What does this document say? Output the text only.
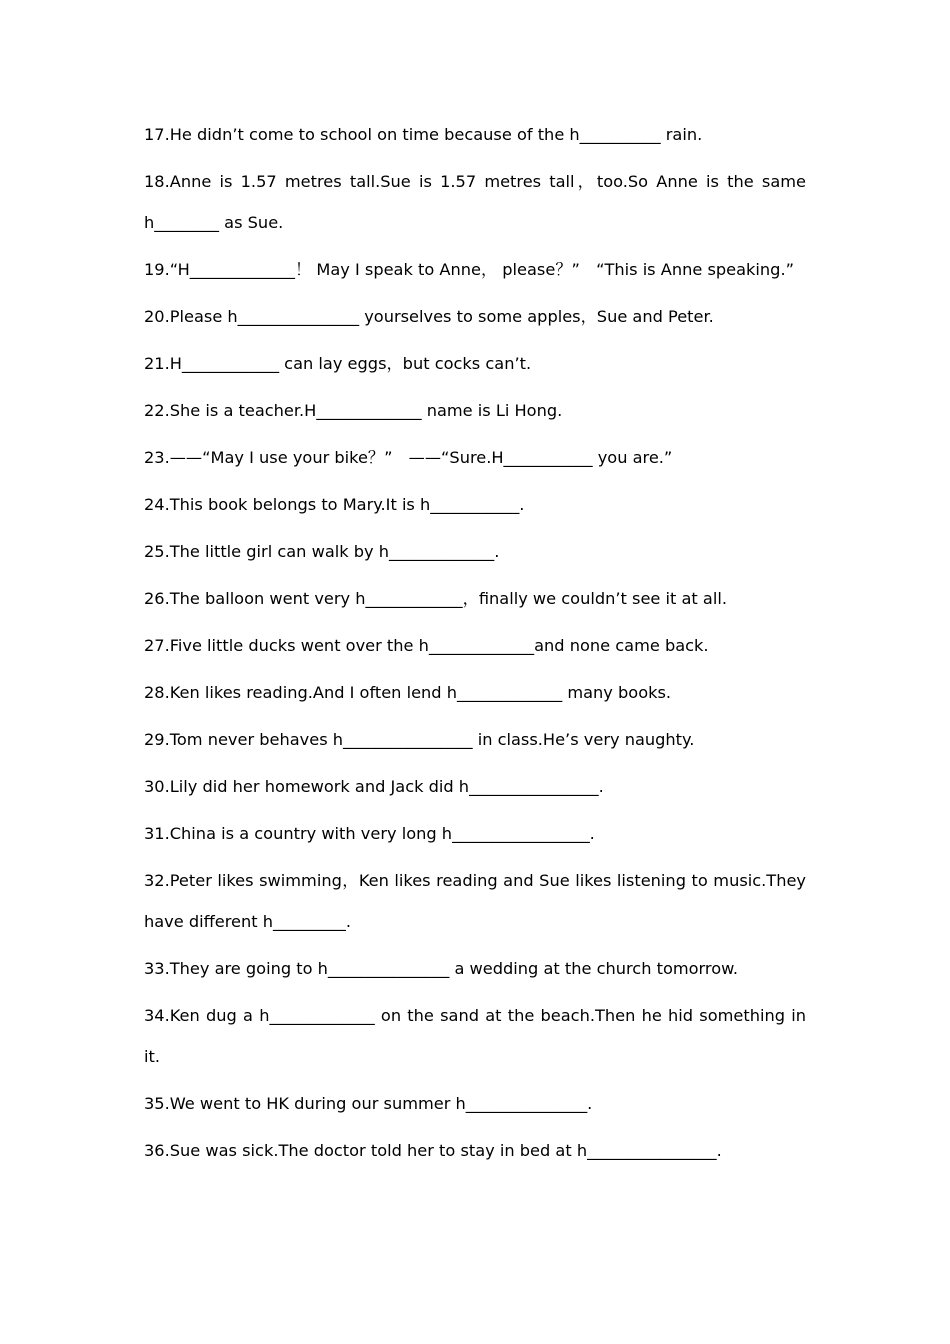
17.He didn’t come to school on time because of the h__________ rain.
18.Anne is 1.57 metres tall.Sue is 1.57 metres tall，too.So Anne is the same h________ as Sue.
19.“H_____________！ May I speak to Anne， please？”　“This is Anne speaking.”
20.Please h_______________ yourselves to some apples，Sue and Peter.
21.H____________ can lay eggs，but cocks can’t.
22.She is a teacher.H_____________ name is Li Hong.
23.——“May I use your bike？”　——“Sure.H___________ you are.”
24.This book belongs to Mary.It is h___________.
25.The little girl can walk by h_____________.
26.The balloon went very h____________，finally we couldn’t see it at all.
27.Five little ducks went over the h_____________and none came back.
28.Ken likes reading.And I often lend h_____________ many books.
29.Tom never behaves h________________ in class.He’s very naughty.
30.Lily did her homework and Jack did h________________.
31.China is a country with very long h_________________.
32.Peter likes swimming，Ken likes reading and Sue likes listening to music.They have different h_________.
33.They are going to h_______________ a wedding at the church tomorrow.
34.Ken dug a h_____________ on the sand at the beach.Then he hid something in it.
35.We went to HK during our summer h_______________.
36.Sue was sick.The doctor told her to stay in bed at h________________.
